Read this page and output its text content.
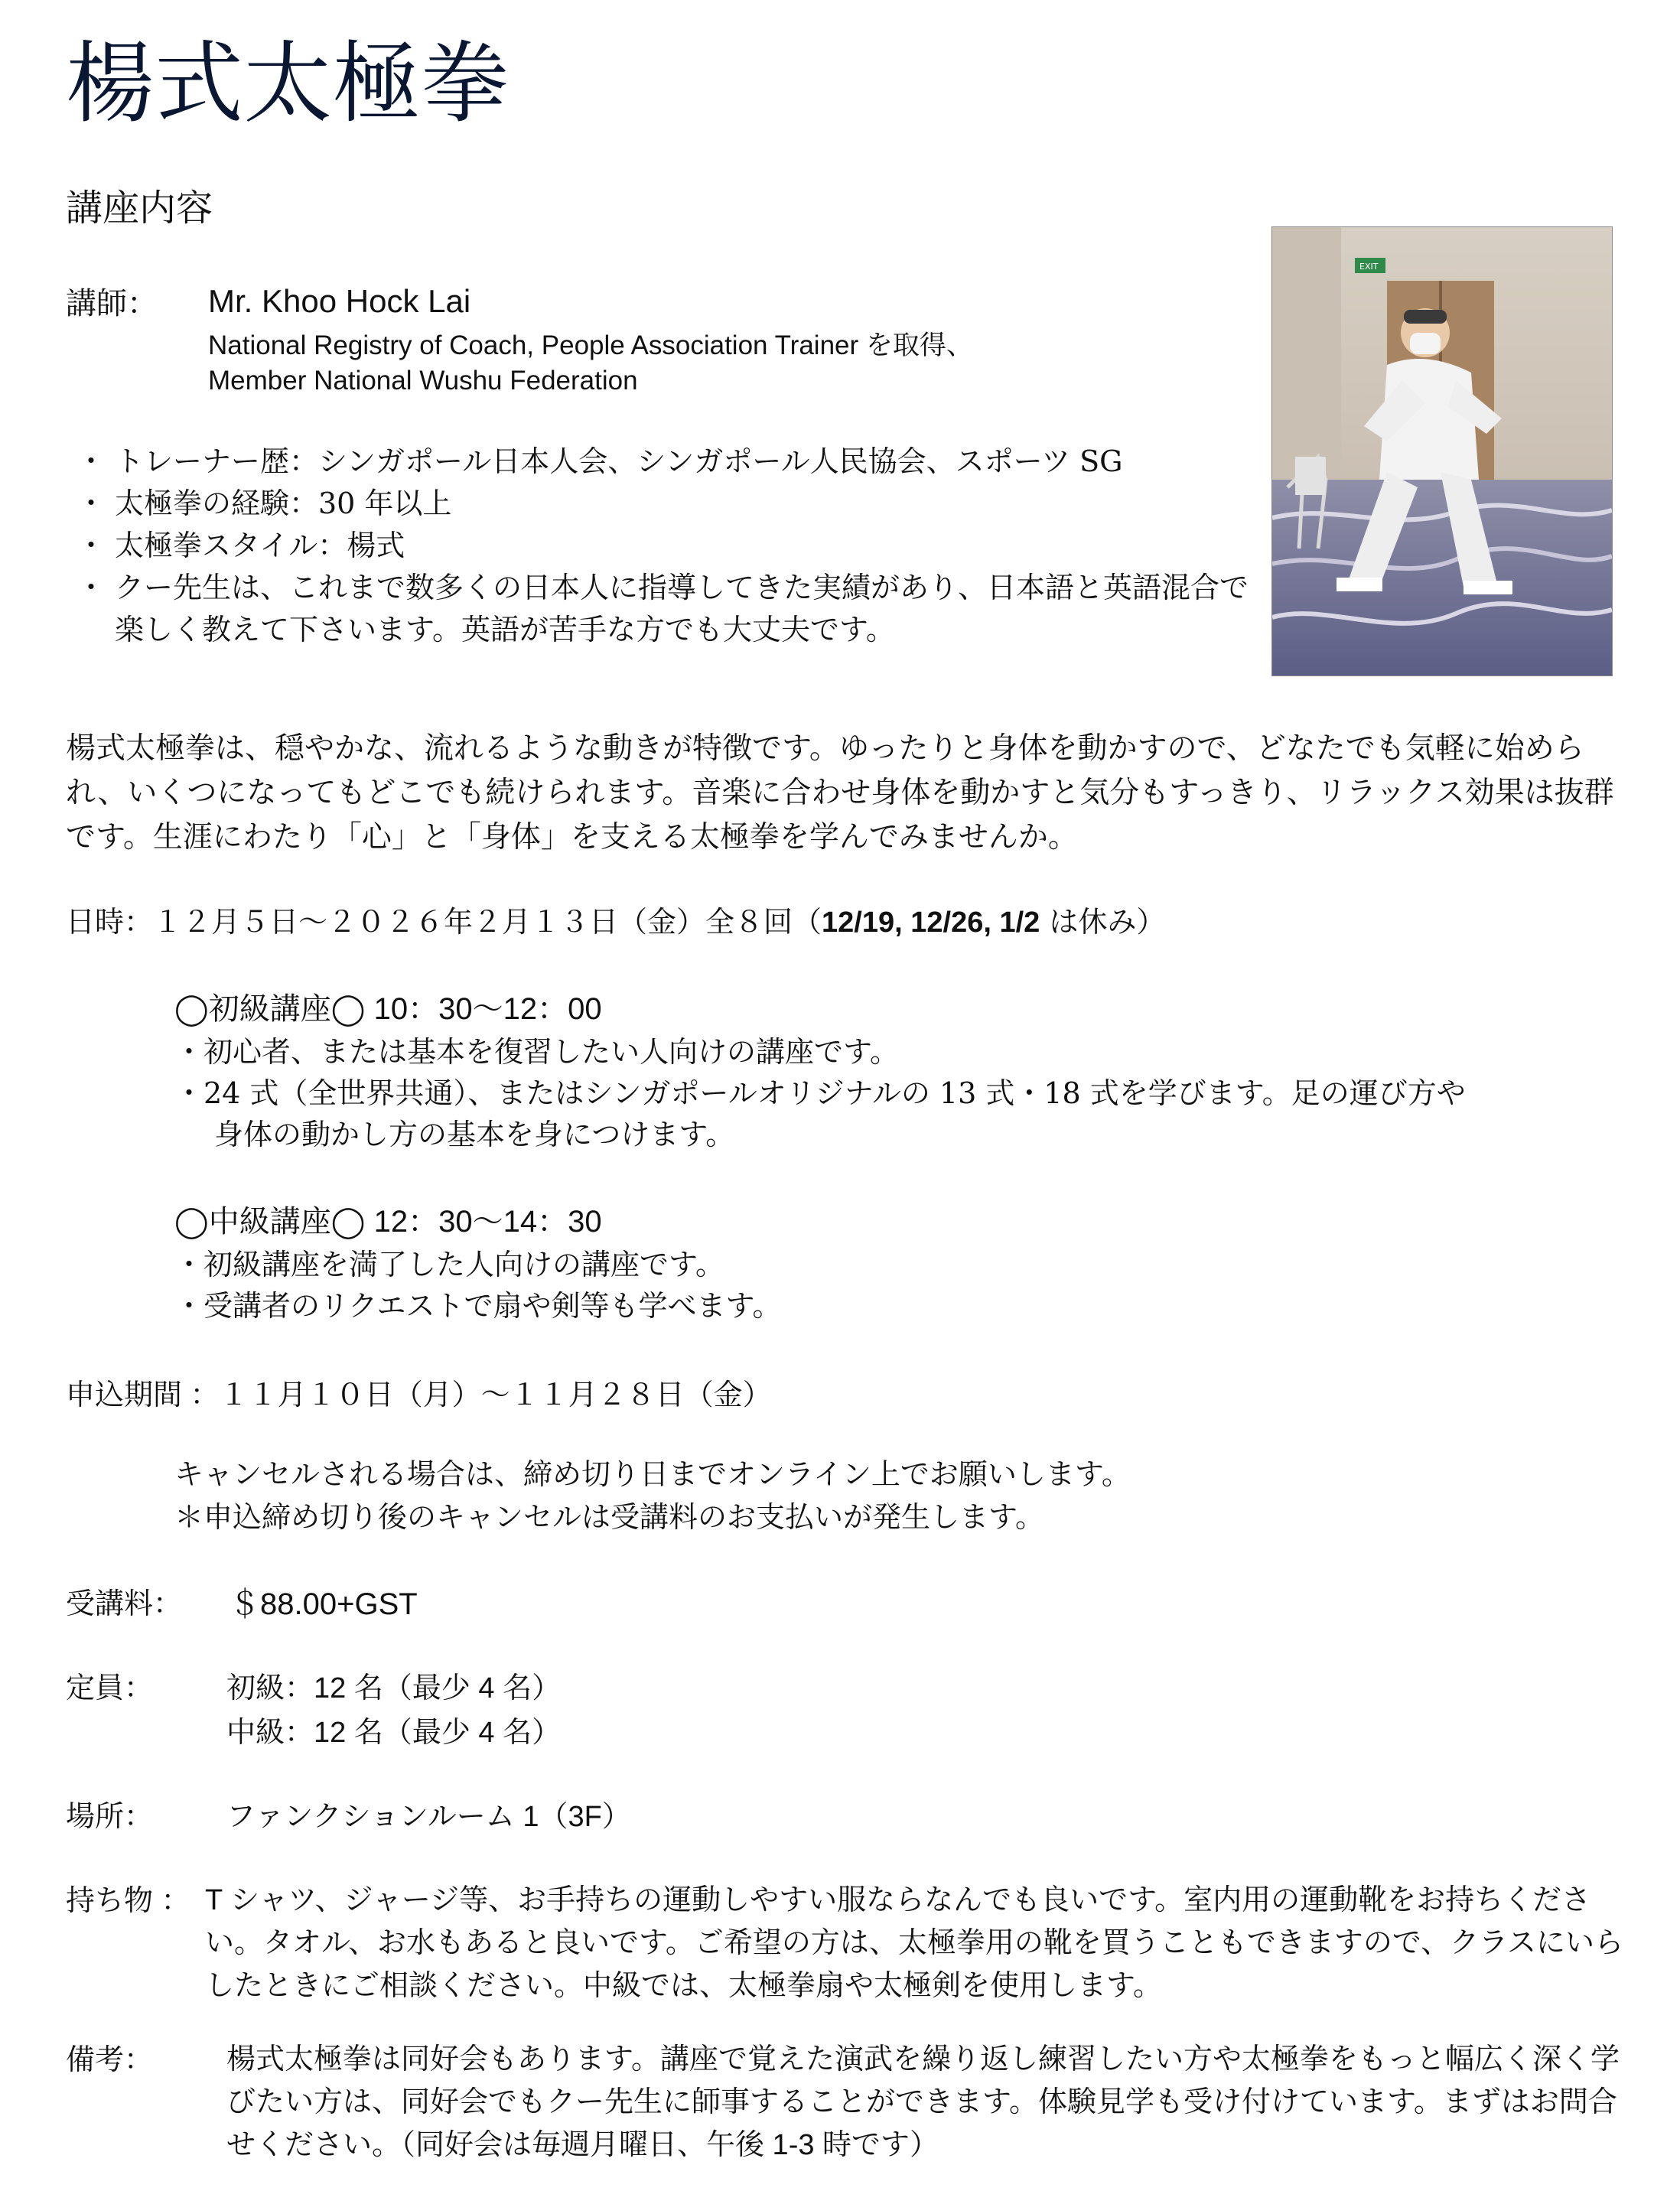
楊式太極拳
講座内容
講師： Mr. Khoo Hock Lai
National Registry of Coach, People Association Trainer を取得、
Member National Wushu Federation
・ トレーナー歴：シンガポール日本人会、シンガポール人民協会、スポーツ SG
・ 太極拳の経験：30 年以上
・ 太極拳スタイル：楊式
・ クー先生は、これまで数多くの日本人に指導してきた実績があり、日本語と英語混合で楽しく教えて下さいます。英語が苦手な方でも大丈夫です。
EXIT
楊式太極拳は、穏やかな、流れるような動きが特徴です。ゆったりと身体を動かすので、どなたでも気軽に始められ、いくつになってもどこでも続けられます。音楽に合わせ身体を動かすと気分もすっきり、リラックス効果は抜群です。生涯にわたり「心」と「身体」を支える太極拳を学んでみませんか。
日時：１２月５日～２０２６年２月１３日（金）全８回（12/19, 12/26, 1/2 は休み）
◯初級講座◯ 10：30～12：00
・初心者、または基本を復習したい人向けの講座です。
・24 式（全世界共通）、またはシンガポールオリジナルの 13 式・18 式を学びます。足の運び方や
身体の動かし方の基本を身につけます。
◯中級講座◯ 12：30～14：30
・初級講座を満了した人向けの講座です。
・受講者のリクエストで扇や剣等も学べます。
申込期間 ：１１月１０日（月）～１１月２８日（金）
キャンセルされる場合は、締め切り日までオンライン上でお願いします。
＊申込締め切り後のキャンセルは受講料のお支払いが発生します。
受講料： ＄88.00+GST
定員：	初級：12 名（最少 4 名）
中級：12 名（最少 4 名）
場所：	ファンクションルーム 1（3F）
持ち物 ： T シャツ、ジャージ等、お手持ちの運動しやすい服ならなんでも良いです。室内用の運動靴をお持ちください。タオル、お水もあると良いです。ご希望の方は、太極拳用の靴を買うこともできますので、クラスにいらしたときにご相談ください。中級では、太極拳扇や太極剣を使用します。
備考：	楊式太極拳は同好会もあります。講座で覚えた演武を繰り返し練習したい方や太極拳をもっと幅広く深く学びたい方は、同好会でもクー先生に師事することができます。体験見学も受け付けています。まずはお問合せください。（同好会は毎週月曜日、午後 1-3 時です）
